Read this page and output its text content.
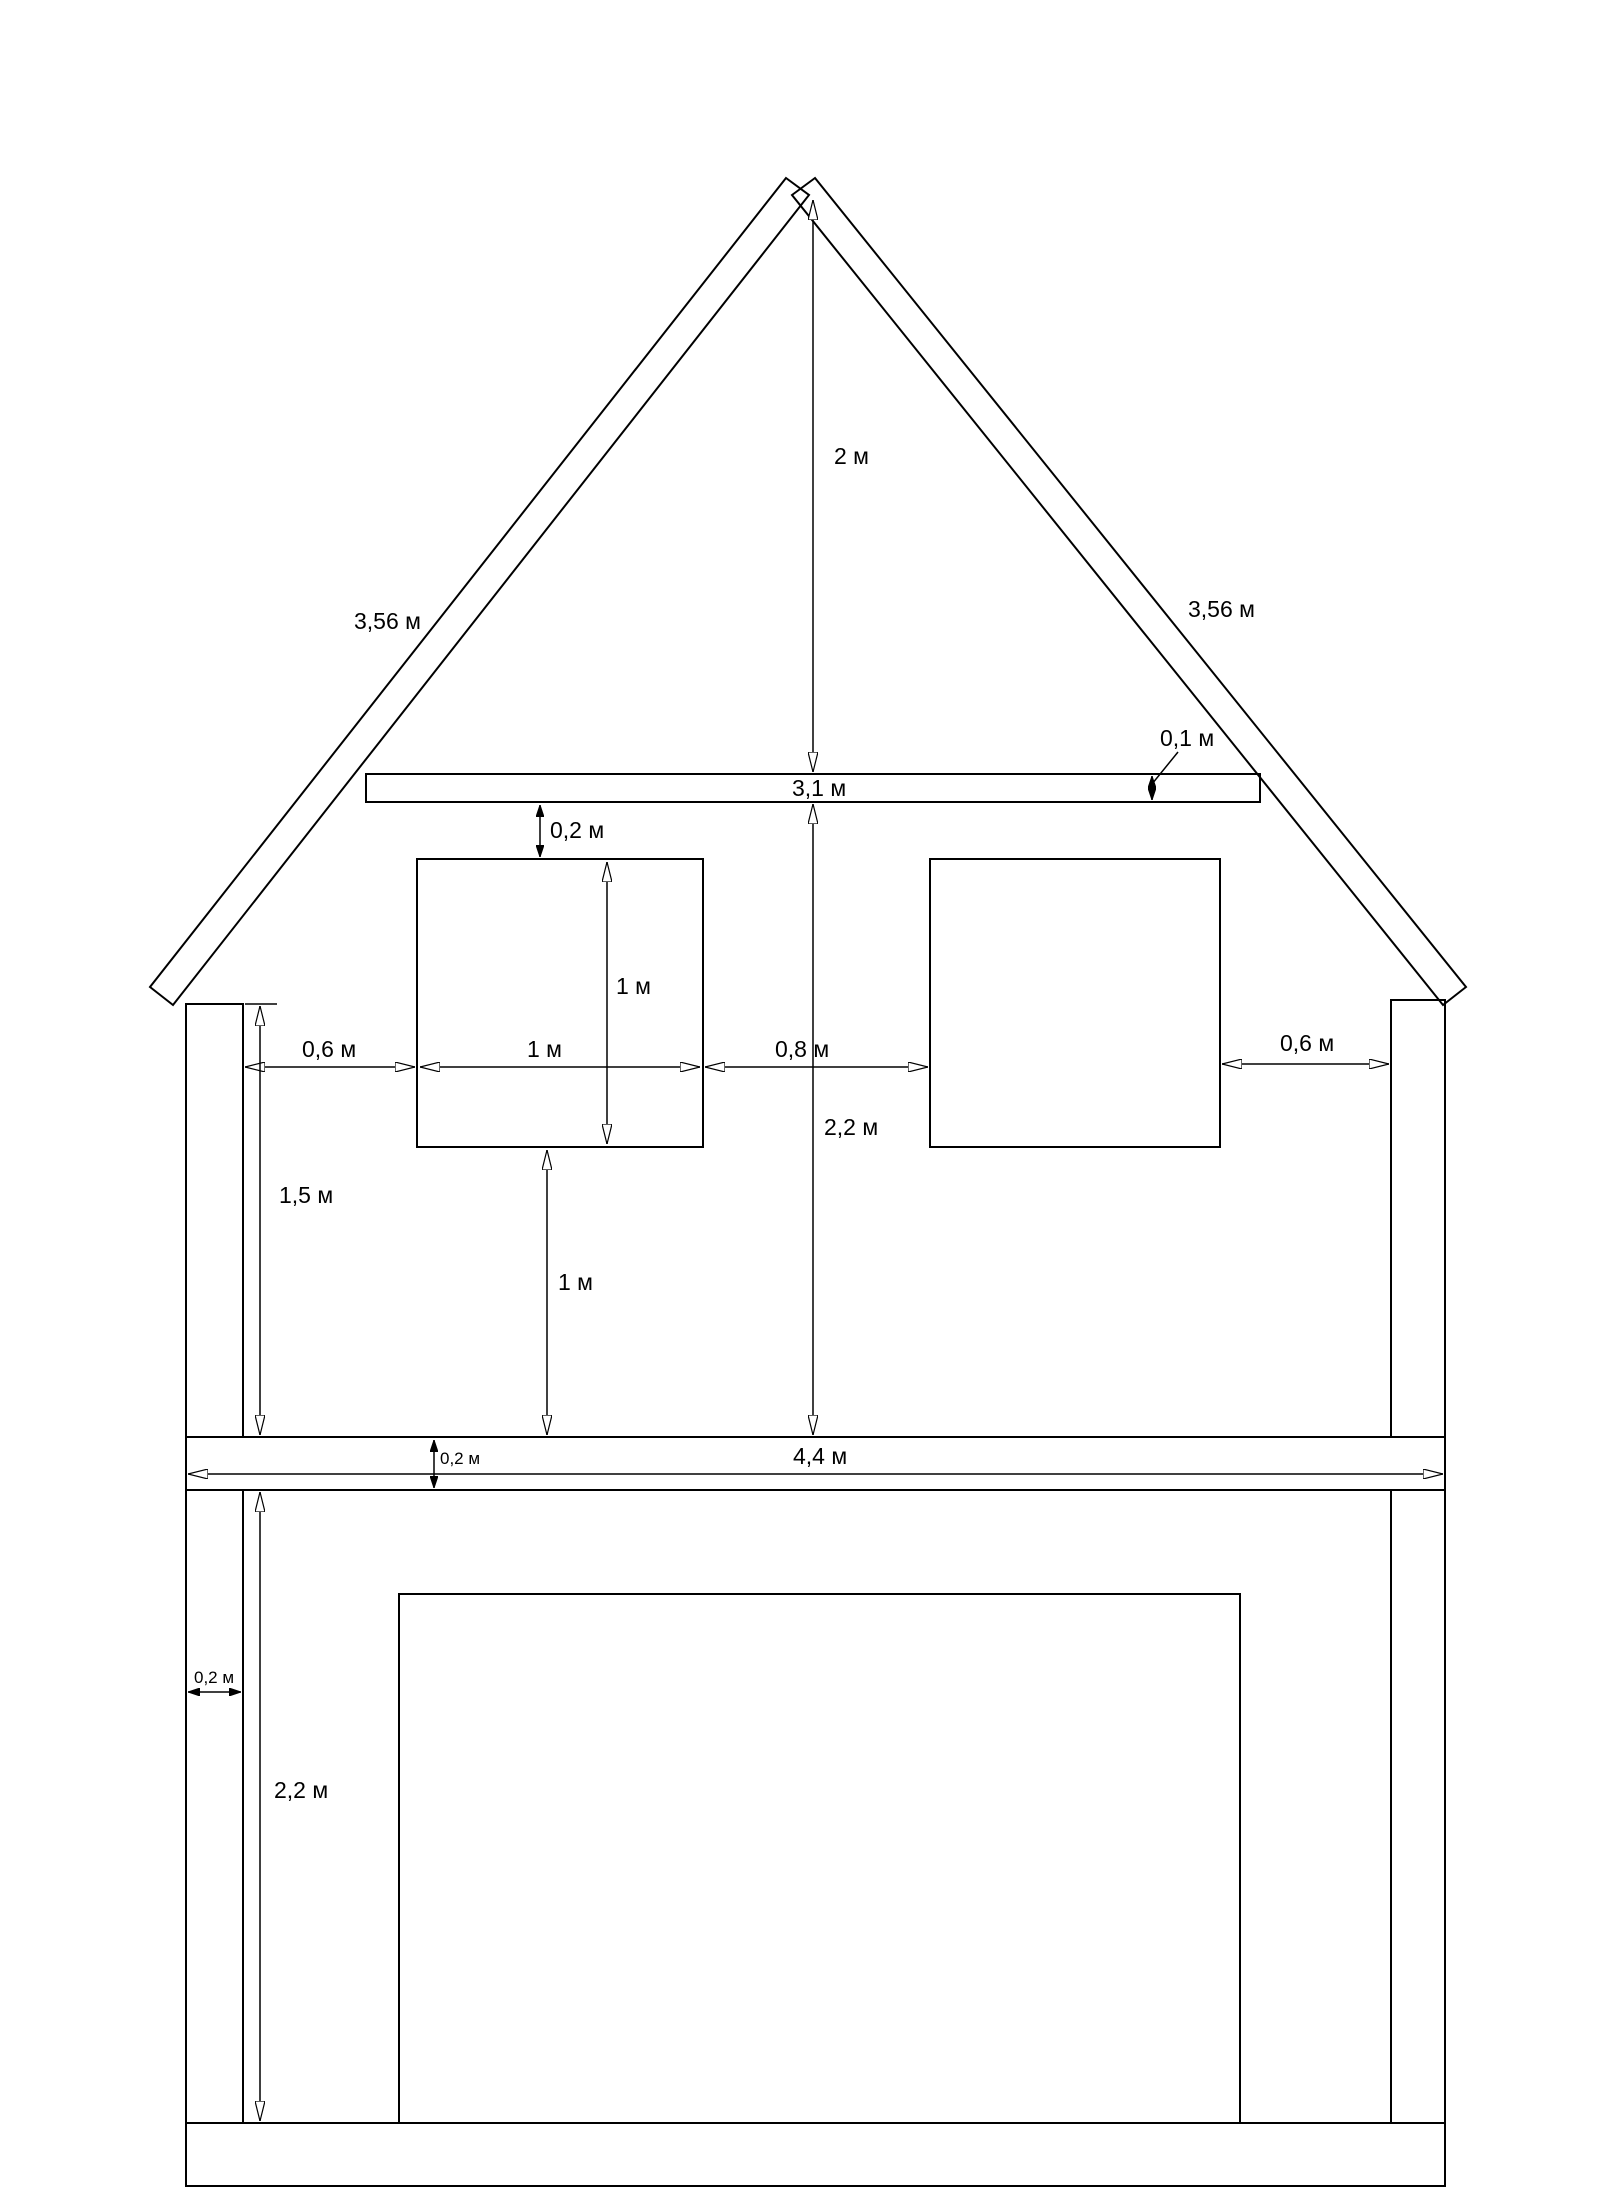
3,56 м	3,56 м
2 м
0,1 м
3,1 м
0,2 м
1 м
0,6 м	1 м	0,8 м	0,6 м
2,2 м
1,5 м
1 м
0,2 м	4,4 м
0,2 м
2,2 м
